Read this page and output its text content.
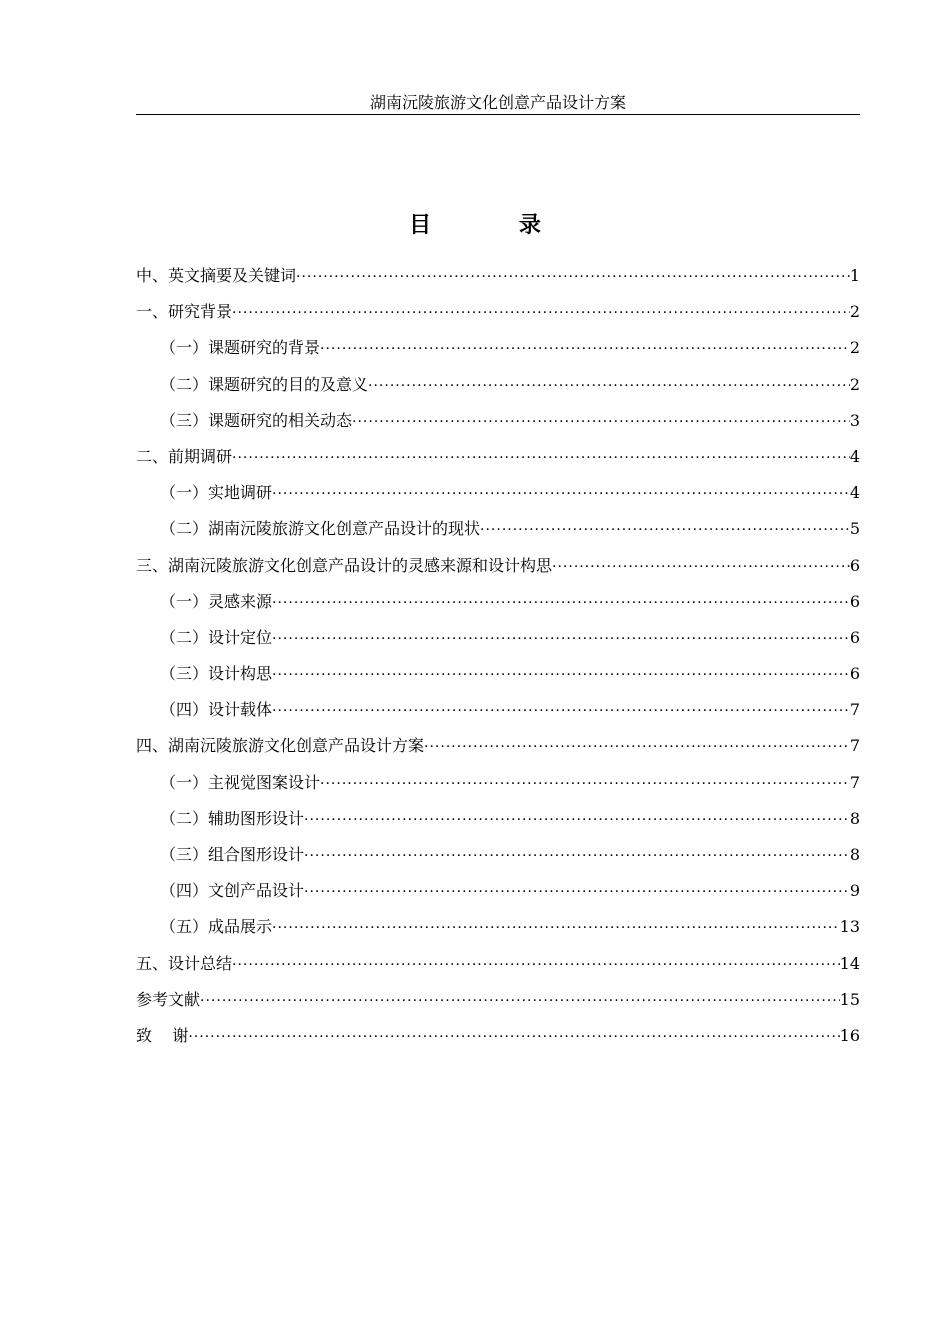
湖南沅陵旅游文化创意产品设计方案
目 录
中、英文摘要及关键词 ·····	1
一、研究背景 ·····	2
（一）课题研究的背景 ·····	2
（二）课题研究的目的及意义 ·····	2
（三）课题研究的相关动态 ·····	3
二、前期调研 ·····	4
（一）实地调研 ·····	4
（二）湖南沅陵旅游文化创意产品设计的现状 ·····	5
三、湖南沅陵旅游文化创意产品设计的灵感来源和设计构思 ·····	6
（一）灵感来源 ·····	6
（二）设计定位 ·····	6
（三）设计构思 ·····	6
（四）设计载体 ·····	7
四、湖南沅陵旅游文化创意产品设计方案 ·····	7
（一）主视觉图案设计 ·····	7
（二）辅助图形设计 ·····	8
（三）组合图形设计 ·····	8
（四）文创产品设计 ·····	9
（五）成品展示 ·····	13
五、设计总结 ·····	14
参考文献 ·····	15
致    谢 ·····	16
